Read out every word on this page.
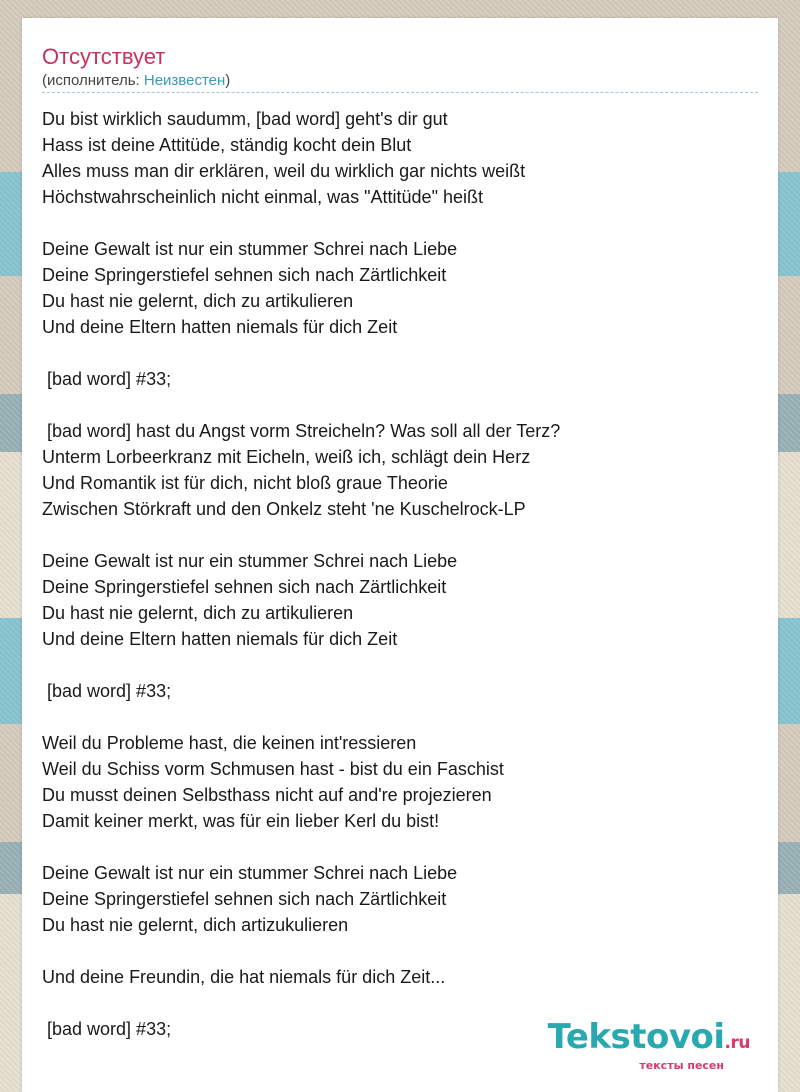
Отсутствует
(исполнитель: Неизвестен)
Du bist wirklich saudumm, [bad word] geht's dir gut
Hass ist deine Attitüde, ständig kocht dein Blut
Alles muss man dir erklären, weil du wirklich gar nichts weißt
Höchstwahrscheinlich nicht einmal, was "Attitüde" heißt
Deine Gewalt ist nur ein stummer Schrei nach Liebe
Deine Springerstiefel sehnen sich nach Zärtlichkeit
Du hast nie gelernt, dich zu artikulieren
Und deine Eltern hatten niemals für dich Zeit
[bad word] #33;
[bad word] hast du Angst vorm Streicheln? Was soll all der Terz?
Unterm Lorbeerkranz mit Eicheln, weiß ich, schlägt dein Herz
Und Romantik ist für dich, nicht bloß graue Theorie
Zwischen Störkraft und den Onkelz steht 'ne Kuschelrock-LP
Deine Gewalt ist nur ein stummer Schrei nach Liebe
Deine Springerstiefel sehnen sich nach Zärtlichkeit
Du hast nie gelernt, dich zu artikulieren
Und deine Eltern hatten niemals für dich Zeit
[bad word] #33;
Weil du Probleme hast, die keinen int'ressieren
Weil du Schiss vorm Schmusen hast - bist du ein Faschist
Du musst deinen Selbsthass nicht auf and're projezieren
Damit keiner merkt, was für ein lieber Kerl du bist!
Deine Gewalt ist nur ein stummer Schrei nach Liebe
Deine Springerstiefel sehnen sich nach Zärtlichkeit
Du hast nie gelernt, dich artizukulieren
Und deine Freundin, die hat niemals für dich Zeit...
[bad word] #33;	Tekstovoi.ru
тексты песен
